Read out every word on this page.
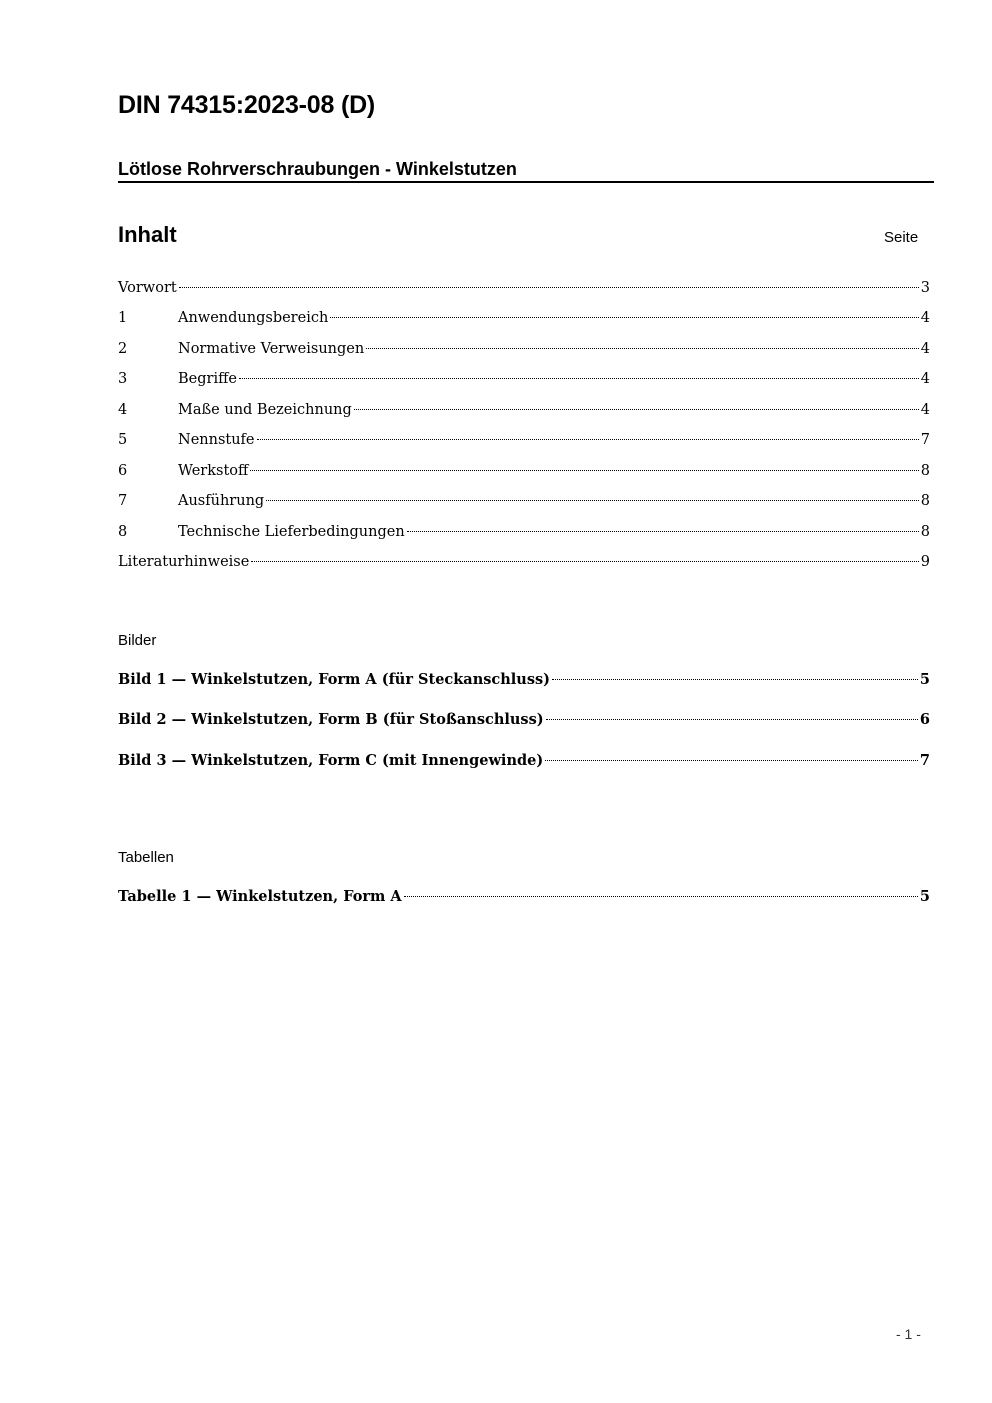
DIN 74315:2023-08 (D)
Lötlose Rohrverschraubungen - Winkelstutzen
Inhalt	Seite
Vorwort	3
1	Anwendungsbereich	4
2	Normative Verweisungen	4
3	Begriffe	4
4	Maße und Bezeichnung	4
5	Nennstufe	7
6	Werkstoff	8
7	Ausführung	8
8	Technische Lieferbedingungen	8
Literaturhinweise	9
Bilder
Bild 1 — Winkelstutzen, Form A (für Steckanschluss)	5
Bild 2 — Winkelstutzen, Form B (für Stoßanschluss)	6
Bild 3 — Winkelstutzen, Form C (mit Innengewinde)	7
Tabellen
Tabelle 1 — Winkelstutzen, Form A	5
- 1 -
